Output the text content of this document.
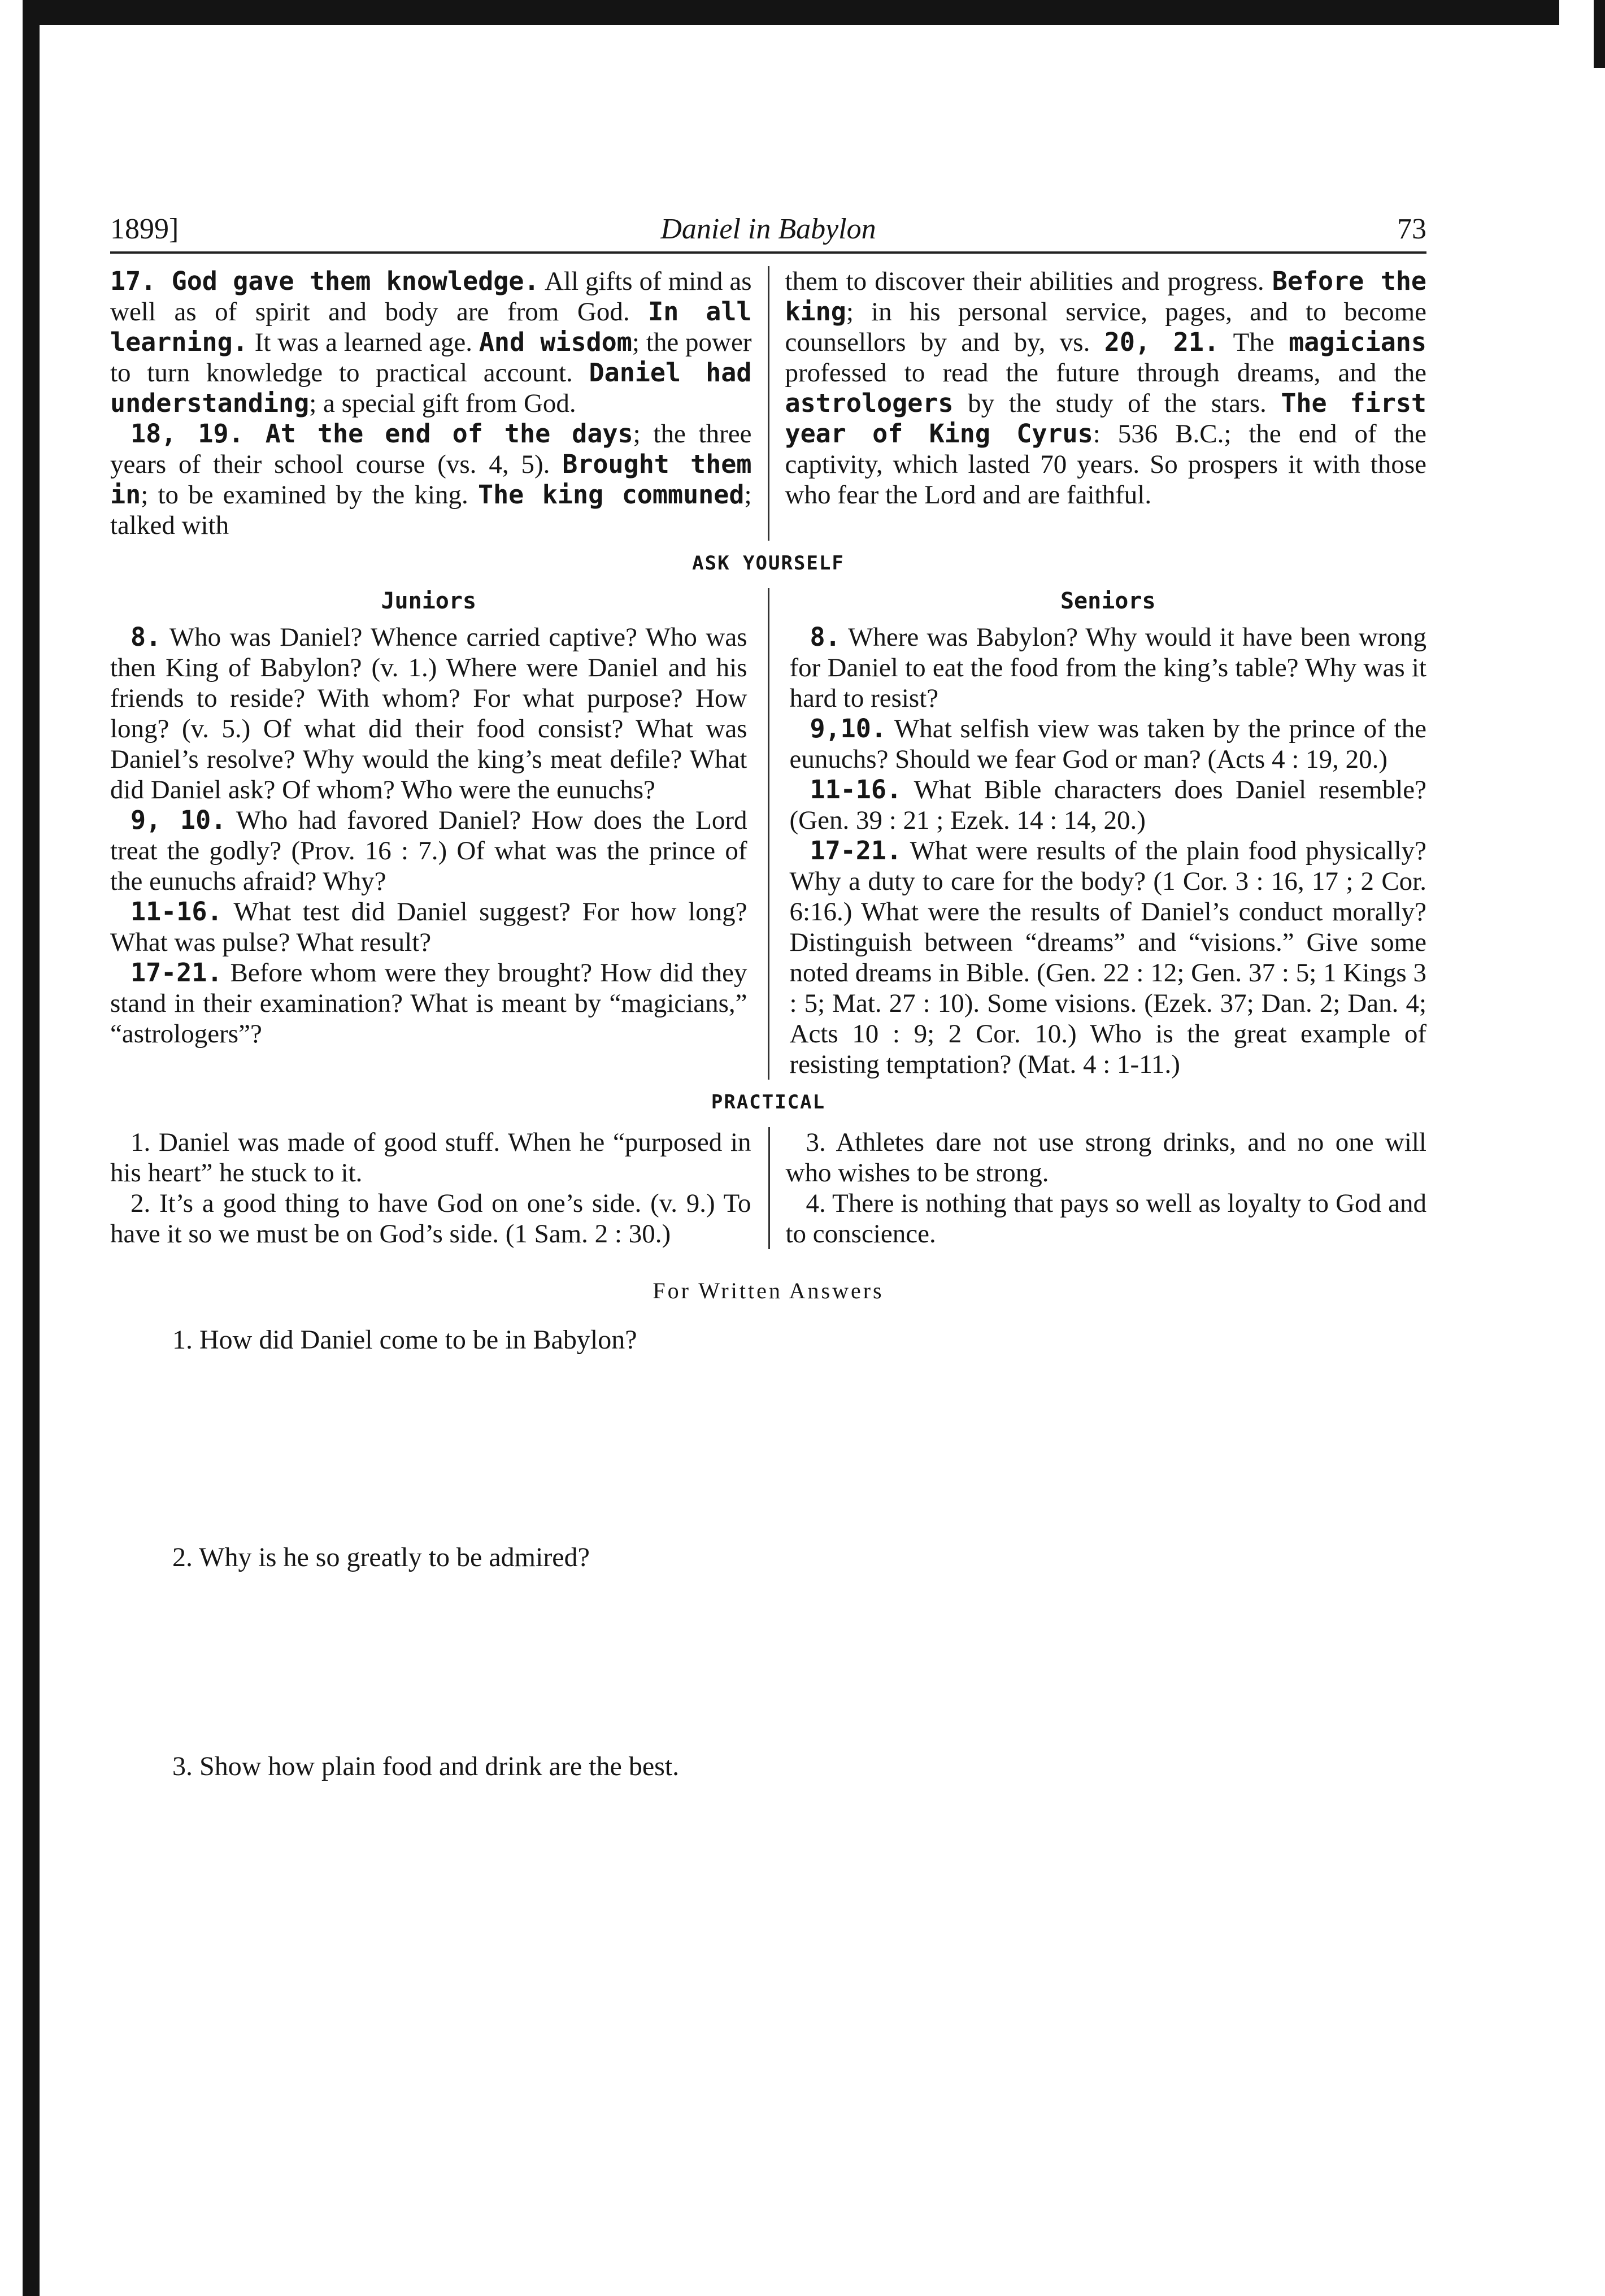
1899]	Daniel in Babylon	73

17. God gave them knowledge. All gifts of mind as well as of spirit and body are from God. In all learning. It was a learned age. And wisdom; the power to turn knowledge to practical account. Daniel had understanding; a special gift from God.

18, 19. At the end of the days; the three years of their school course (vs. 4, 5). Brought them in; to be examined by the king. The king communed; talked with

them to discover their abilities and progress. Before the king; in his personal service, pages, and to become counsellors by and by, vs. 20, 21. The magicians professed to read the future through dreams, and the astrologers by the study of the stars. The first year of King Cyrus: 536 B.C.; the end of the captivity, which lasted 70 years. So prospers it with those who fear the Lord and are faithful.

ASK YOURSELF
Juniors

8. Who was Daniel? Whence carried captive? Who was then King of Babylon? (v. 1.) Where were Daniel and his friends to reside? With whom? For what purpose? How long? (v. 5.) Of what did their food consist? What was Daniel’s resolve? Why would the king’s meat defile? What did Daniel ask? Of whom? Who were the eunuchs?

9, 10. Who had favored Daniel? How does the Lord treat the godly? (Prov. 16 : 7.) Of what was the prince of the eunuchs afraid? Why?

11-16. What test did Daniel suggest? For how long? What was pulse? What result?

17-21. Before whom were they brought? How did they stand in their examination? What is meant by “magicians,” “astrologers”?

Seniors

8. Where was Babylon? Why would it have been wrong for Daniel to eat the food from the king’s table? Why was it hard to resist?

9,10. What selfish view was taken by the prince of the eunuchs? Should we fear God or man? (Acts 4 : 19, 20.)

11-16. What Bible characters does Daniel resemble? (Gen. 39 : 21 ; Ezek. 14 : 14, 20.)

17-21. What were results of the plain food physically? Why a duty to care for the body? (1 Cor. 3 : 16, 17 ; 2 Cor. 6:16.) What were the results of Daniel’s conduct morally? Distinguish between “dreams” and “visions.” Give some noted dreams in Bible. (Gen. 22 : 12; Gen. 37 : 5; 1 Kings 3 : 5; Mat. 27 : 10). Some visions. (Ezek. 37; Dan. 2; Dan. 4; Acts 10 : 9; 2 Cor. 10.) Who is the great example of resisting temptation? (Mat. 4 : 1-11.)

PRACTICAL

1. Daniel was made of good stuff. When he “purposed in his heart” he stuck to it.

2. It’s a good thing to have God on one’s side. (v. 9.) To have it so we must be on God’s side. (1 Sam. 2 : 30.)

3. Athletes dare not use strong drinks, and no one will who wishes to be strong.

4. There is nothing that pays so well as loyalty to God and to conscience.

For Written Answers
1. How did Daniel come to be in Babylon?
2. Why is he so greatly to be admired?
3. Show how plain food and drink are the best.
